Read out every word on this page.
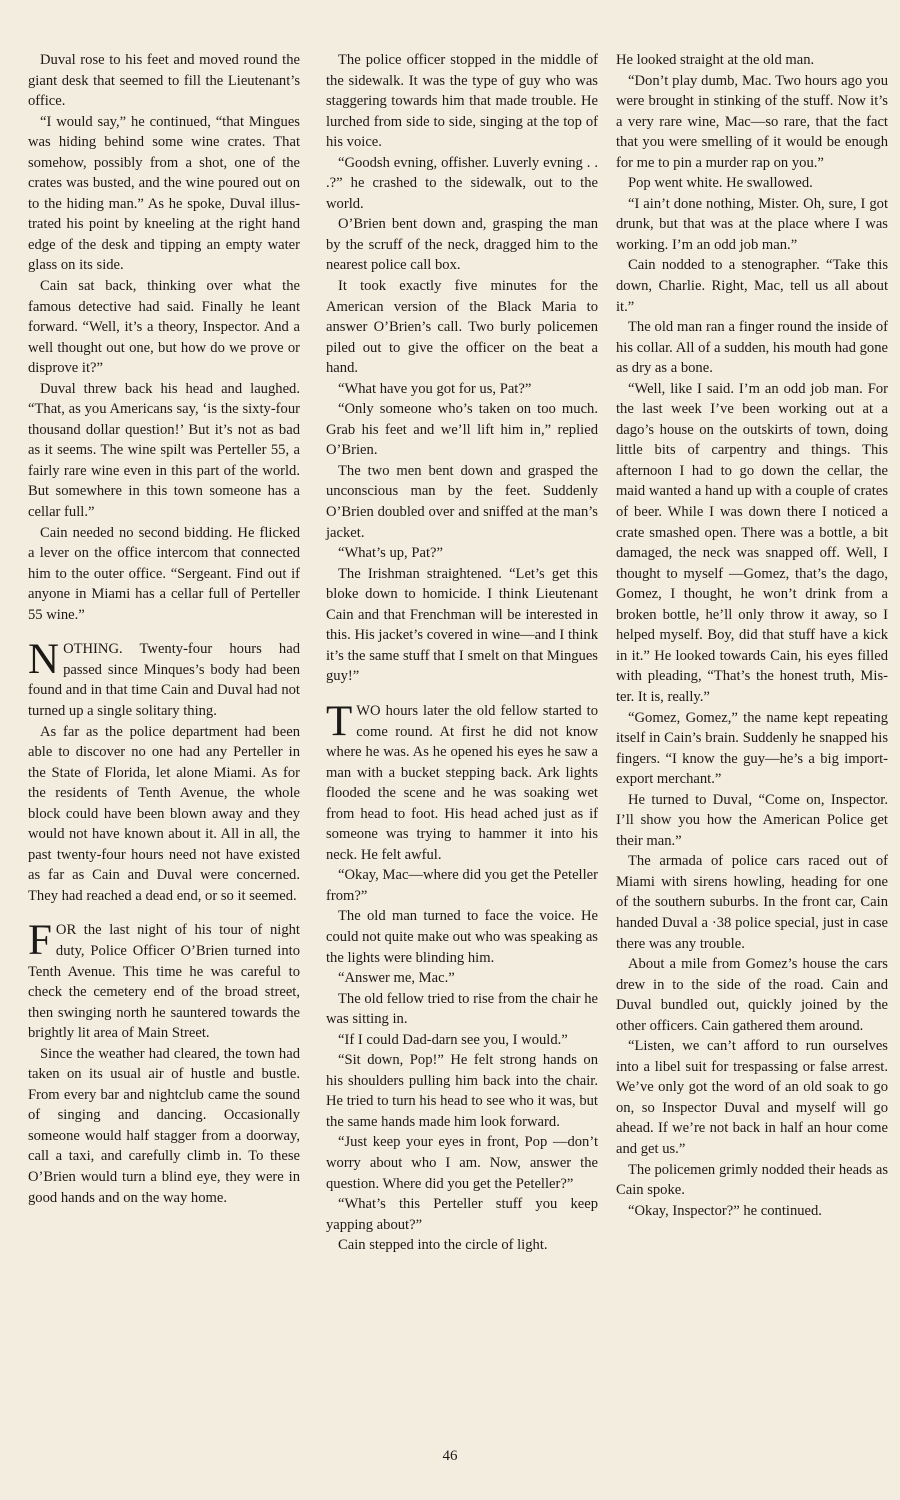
Duval rose to his feet and moved round the giant desk that seemed to fill the Lieutenant’s office.

“I would say,” he continued, “that Mingues was hiding behind some wine crates. That somehow, possibly from a shot, one of the crates was busted, and the wine poured out on to the hiding man.” As he spoke, Duval illustrated his point by kneeling at the right hand edge of the desk and tipping an empty water glass on its side.

Cain sat back, thinking over what the famous detective had said. Finally he leant forward. “Well, it’s a theory, Inspector. And a well thought out one, but how do we prove or disprove it?”

Duval threw back his head and laughed. “That, as you Americans say, ‘is the sixty-four thousand dollar question!’ But it’s not as bad as it seems. The wine spilt was Perteller 55, a fairly rare wine even in this part of the world. But somewhere in this town someone has a cellar full.”

Cain needed no second bidding. He flicked a lever on the office intercom that connected him to the outer office. “Sergeant. Find out if anyone in Miami has a cellar full of Perteller 55 wine.”

NOTHING. Twenty-four hours had passed since Minques’s body had been found and in that time Cain and Duval had not turned up a single solitary thing.

As far as the police department had been able to discover no one had any Perteller in the State of Florida, let alone Miami. As for the residents of Tenth Avenue, the whole block could have been blown away and they would not have known about it. All in all, the past twenty-four hours need not have existed as far as Cain and Duval were concerned. They had reached a dead end, or so it seemed.

FOR the last night of his tour of night duty, Police Officer O’Brien turned into Tenth Avenue. This time he was careful to check the cemetery end of the broad street, then swinging north he sauntered towards the brightly lit area of Main Street.

Since the weather had cleared, the town had taken on its usual air of hustle and bustle. From every bar and nightclub came the sound of singing and dancing. Occasionally someone would half stagger from a doorway, call a taxi, and carefully climb in. To these O’Brien would turn a blind eye, they were in good hands and on the way home.

The police officer stopped in the middle of the sidewalk. It was the type of guy who was staggering towards him that made trouble. He lurched from side to side, singing at the top of his voice.

“Goodsh evning, offisher. Luverly evning . . .?” he crashed to the sidewalk, out to the world.

O’Brien bent down and, grasping the man by the scruff of the neck, dragged him to the nearest police call box.

It took exactly five minutes for the American version of the Black Maria to answer O’Brien’s call. Two burly policemen piled out to give the officer on the beat a hand.

“What have you got for us, Pat?”

“Only someone who’s taken on too much. Grab his feet and we’ll lift him in,” replied O’Brien.

The two men bent down and grasped the unconscious man by the feet. Suddenly O’Brien doubled over and sniffed at the man’s jacket.

“What’s up, Pat?”

The Irishman straightened. “Let’s get this bloke down to homicide. I think Lieutenant Cain and that Frenchman will be interested in this. His jacket’s covered in wine—and I think it’s the same stuff that I smelt on that Mingues guy!”

TWO hours later the old fellow started to come round. At first he did not know where he was. As he opened his eyes he saw a man with a bucket stepping back. Ark lights flooded the scene and he was soaking wet from head to foot. His head ached just as if someone was trying to hammer it into his neck. He felt awful.

“Okay, Mac—where did you get the Peteller from?”

The old man turned to face the voice. He could not quite make out who was speaking as the lights were blinding him.

“Answer me, Mac.”

The old fellow tried to rise from the chair he was sitting in.

“If I could Dad-darn see you, I would.”

“Sit down, Pop!” He felt strong hands on his shoulders pulling him back into the chair. He tried to turn his head to see who it was, but the same hands made him look forward.

“Just keep your eyes in front, Pop —don’t worry about who I am. Now, answer the question. Where did you get the Peteller?”

“What’s this Perteller stuff you keep yapping about?”

Cain stepped into the circle of light.

He looked straight at the old man.

“Don’t play dumb, Mac. Two hours ago you were brought in stinking of the stuff. Now it’s a very rare wine, Mac—so rare, that the fact that you were smelling of it would be enough for me to pin a murder rap on you.”

Pop went white. He swallowed.

“I ain’t done nothing, Mister. Oh, sure, I got drunk, but that was at the place where I was working. I’m an odd job man.”

Cain nodded to a stenographer. “Take this down, Charlie. Right, Mac, tell us all about it.”

The old man ran a finger round the inside of his collar. All of a sudden, his mouth had gone as dry as a bone.

“Well, like I said. I’m an odd job man. For the last week I’ve been working out at a dago’s house on the outskirts of town, doing little bits of carpentry and things. This afternoon I had to go down the cellar, the maid wanted a hand up with a couple of crates of beer. While I was down there I noticed a crate smashed open. There was a bottle, a bit damaged, the neck was snapped off. Well, I thought to myself —Gomez, that’s the dago, Gomez, I thought, he won’t drink from a broken bottle, he’ll only throw it away, so I helped myself. Boy, did that stuff have a kick in it.” He looked towards Cain, his eyes filled with pleading, “That’s the honest truth, Mister. It is, really.”

“Gomez, Gomez,” the name kept repeating itself in Cain’s brain. Suddenly he snapped his fingers. “I know the guy—he’s a big import-export merchant.”

He turned to Duval, “Come on, Inspector. I’ll show you how the American Police get their man.”

The armada of police cars raced out of Miami with sirens howling, heading for one of the southern suburbs. In the front car, Cain handed Duval a ·38 police special, just in case there was any trouble.

About a mile from Gomez’s house the cars drew in to the side of the road. Cain and Duval bundled out, quickly joined by the other officers. Cain gathered them around.

“Listen, we can’t afford to run ourselves into a libel suit for trespassing or false arrest. We’ve only got the word of an old soak to go on, so Inspector Duval and myself will go ahead. If we’re not back in half an hour come and get us.”

The policemen grimly nodded their heads as Cain spoke.

“Okay, Inspector?” he continued.

46
